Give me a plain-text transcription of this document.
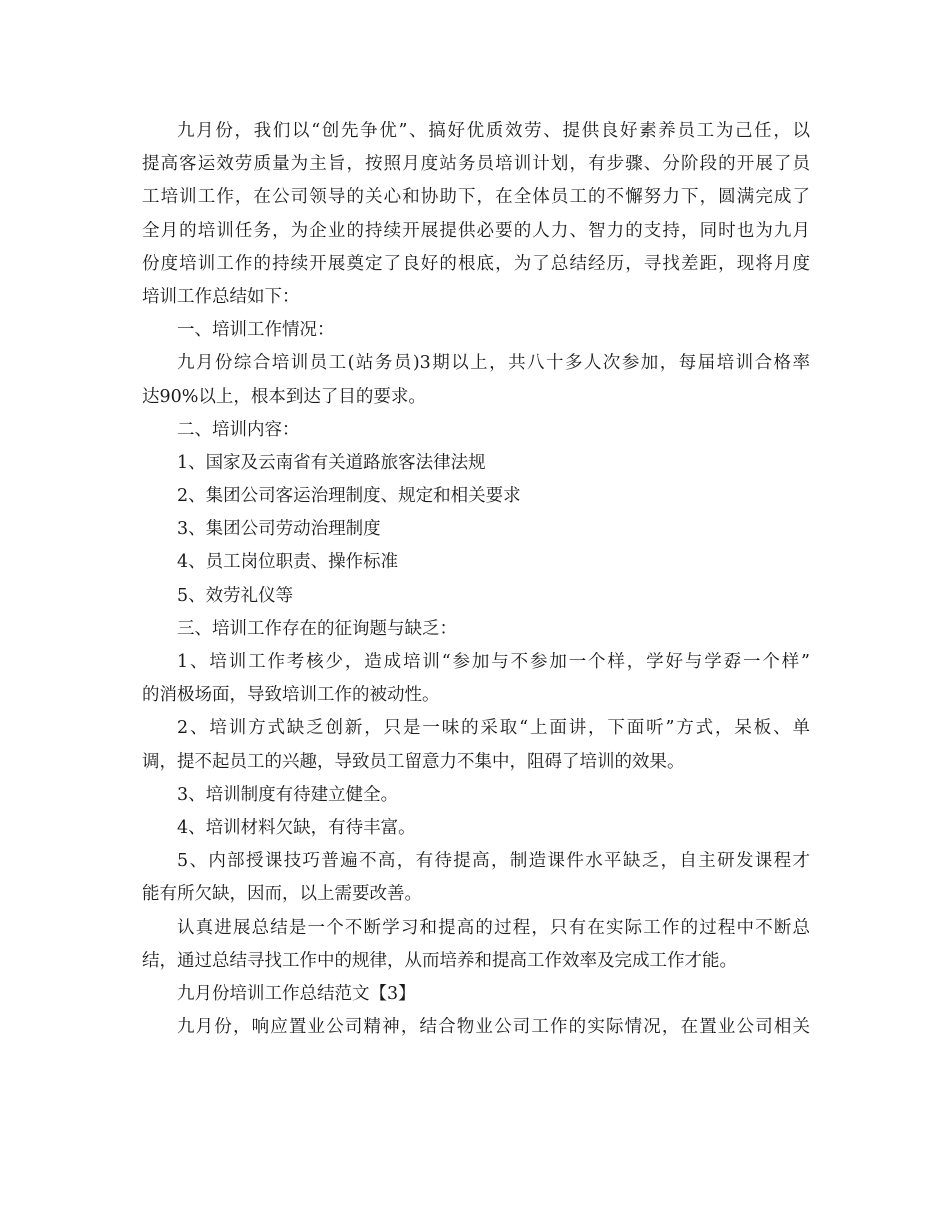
九月份，我们以“创先争优”、搞好优质效劳、提供良好素养员工为己任，以
提高客运效劳质量为主旨，按照月度站务员培训计划，有步骤、分阶段的开展了员
工培训工作，在公司领导的关心和协助下，在全体员工的不懈努力下，圆满完成了
全月的培训任务，为企业的持续开展提供必要的人力、智力的支持，同时也为九月
份度培训工作的持续开展奠定了良好的根底，为了总结经历，寻找差距，现将月度
培训工作总结如下：
一、培训工作情况：
九月份综合培训员工(站务员)3期以上，共八十多人次参加，每届培训合格率
达90%以上，根本到达了目的要求。
二、培训内容：
1、国家及云南省有关道路旅客法律法规
2、集团公司客运治理制度、规定和相关要求
3、集团公司劳动治理制度
4、员工岗位职责、操作标准
5、效劳礼仪等
三、培训工作存在的征询题与缺乏：
1、培训工作考核少，造成培训“参加与不参加一个样，学好与学孬一个样”
的消极场面，导致培训工作的被动性。
2、培训方式缺乏创新，只是一味的采取“上面讲，下面听”方式，呆板、单
调，提不起员工的兴趣，导致员工留意力不集中，阻碍了培训的效果。
3、培训制度有待建立健全。
4、培训材料欠缺，有待丰富。
5、内部授课技巧普遍不高，有待提高，制造课件水平缺乏，自主研发课程才
能有所欠缺，因而，以上需要改善。
认真进展总结是一个不断学习和提高的过程，只有在实际工作的过程中不断总
结，通过总结寻找工作中的规律，从而培养和提高工作效率及完成工作才能。
九月份培训工作总结范文【3】
九月份，响应置业公司精神，结合物业公司工作的实际情况，在置业公司相关
